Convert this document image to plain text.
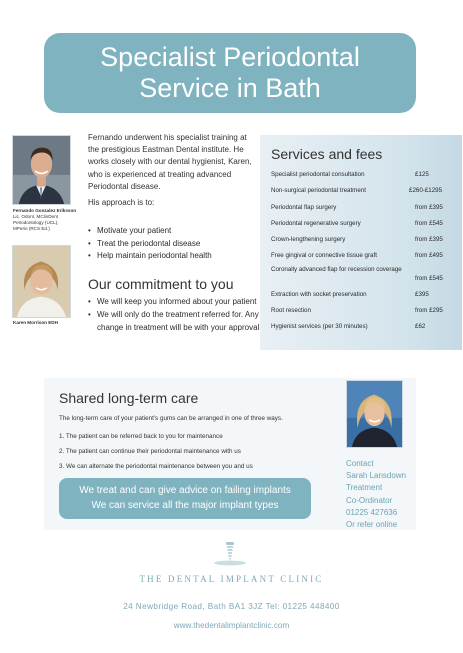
Specialist Periodontal
Service in Bath
Fernando Gonzalez Eriksson
Lic. Odont, MClinDent
Periodontology (UCL),
MPerio (RCS Ed.)
Karen Morrison EDH

Fernando underwent his specialist training at the prestigious Eastman Dental institute. He works closely with our dental hygienist, Karen, who is experienced at treating advanced Periodontal disease.

His approach is to:

• Motivate your patient
• Treat the periodontal disease
• Help maintain periodontal health
Our commitment to you
• We will keep you informed about your patient
• We will only do the treatment referred for. Any change in treatment will be with your approval
Services and fees
Specialist periodontal consultation	£125
Non-surgical periodontal treatment	£260-£1295
Periodontal flap surgery	from £395
Periodontal regenerative surgery	from £545
Crown-lengthening surgery	from £395
Free gingival or connective tissue graft	from £495
Coronally advanced flap for recession coverage
from £545
Extraction with socket preservation	£395
Root resection	from £295
Hygienist services (per 30 minutes)	£62
Shared long-term care
The long-term care of your patient's gums can be arranged in one of three ways.
1. The patient can be referred back to you for maintenance
2. The patient can continue their periodontal maintenance with us
3. We can alternate the periodontal maintenance between you and us
We treat and can give advice on failing implants
We can service all the major implant types
Contact
Sarah Lansdown
Treatment
Co-Ordinator
01225 427636
Or refer online
THE DENTAL IMPLANT CLINIC
24 Newbridge Road, Bath BA1 3JZ Tel: 01225 448400
www.thedentalimplantclinic.com
